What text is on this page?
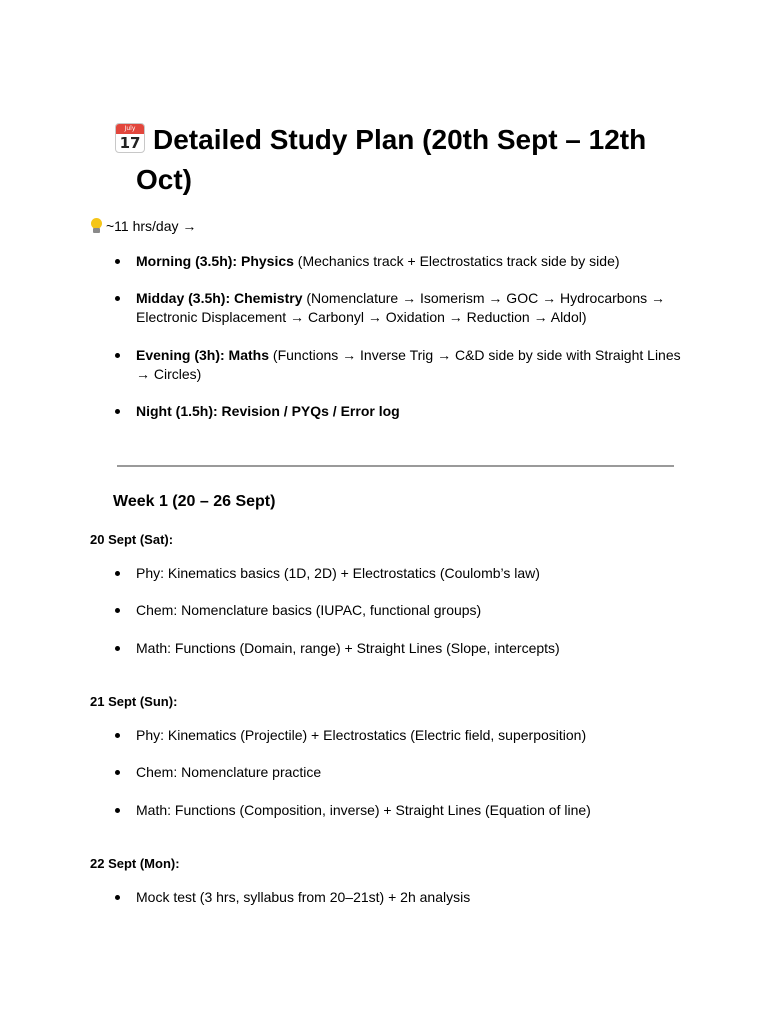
July
17 Detailed Study Plan (20th Sept – 12th
Oct)
~11 hrs/day →
Morning (3.5h): Physics (Mechanics track + Electrostatics track side by side)
Midday (3.5h): Chemistry (Nomenclature → Isomerism → GOC → Hydrocarbons → Electronic Displacement → Carbonyl → Oxidation → Reduction → Aldol)
Evening (3h): Maths (Functions → Inverse Trig → C&D side by side with Straight Lines → Circles)
Night (1.5h): Revision / PYQs / Error log
Week 1 (20 – 26 Sept)
20 Sept (Sat):
Phy: Kinematics basics (1D, 2D) + Electrostatics (Coulomb’s law)
Chem: Nomenclature basics (IUPAC, functional groups)
Math: Functions (Domain, range) + Straight Lines (Slope, intercepts)
21 Sept (Sun):
Phy: Kinematics (Projectile) + Electrostatics (Electric field, superposition)
Chem: Nomenclature practice
Math: Functions (Composition, inverse) + Straight Lines (Equation of line)
22 Sept (Mon):
Mock test (3 hrs, syllabus from 20–21st) + 2h analysis
